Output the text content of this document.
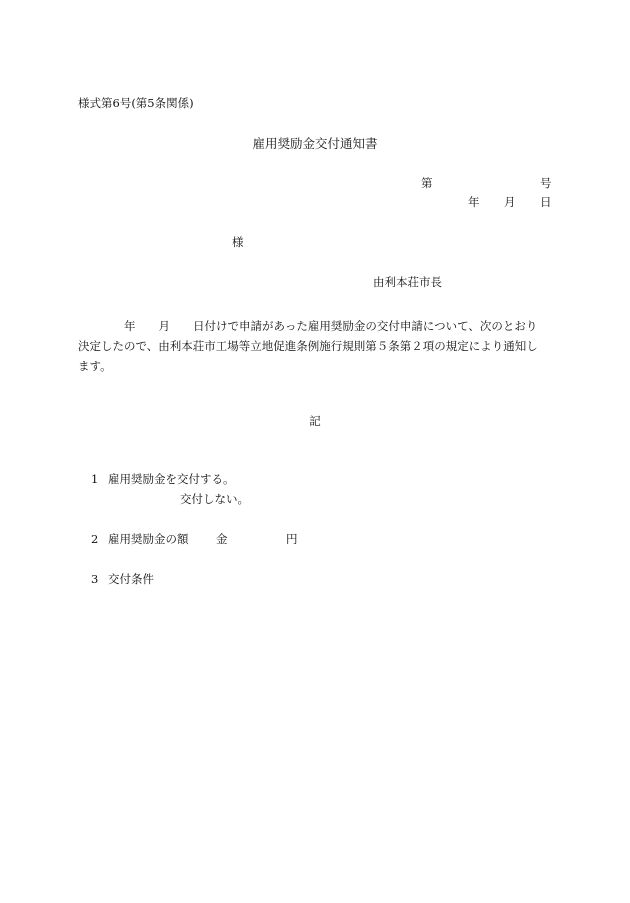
様式第6号(第5条関係)
雇用奨励金交付通知書
第	号
年 月 日
様
由利本荘市長
　　　　年　　月　　日付けで申請があった雇用奨励金の交付申請について、次のとおり
決定したので、由利本荘市工場等立地促進条例施行規則第５条第２項の規定により通知し
ます。
記
1 雇用奨励金を交付する。
交付しない。
2 雇用奨励金の額 金	円
3 交付条件
